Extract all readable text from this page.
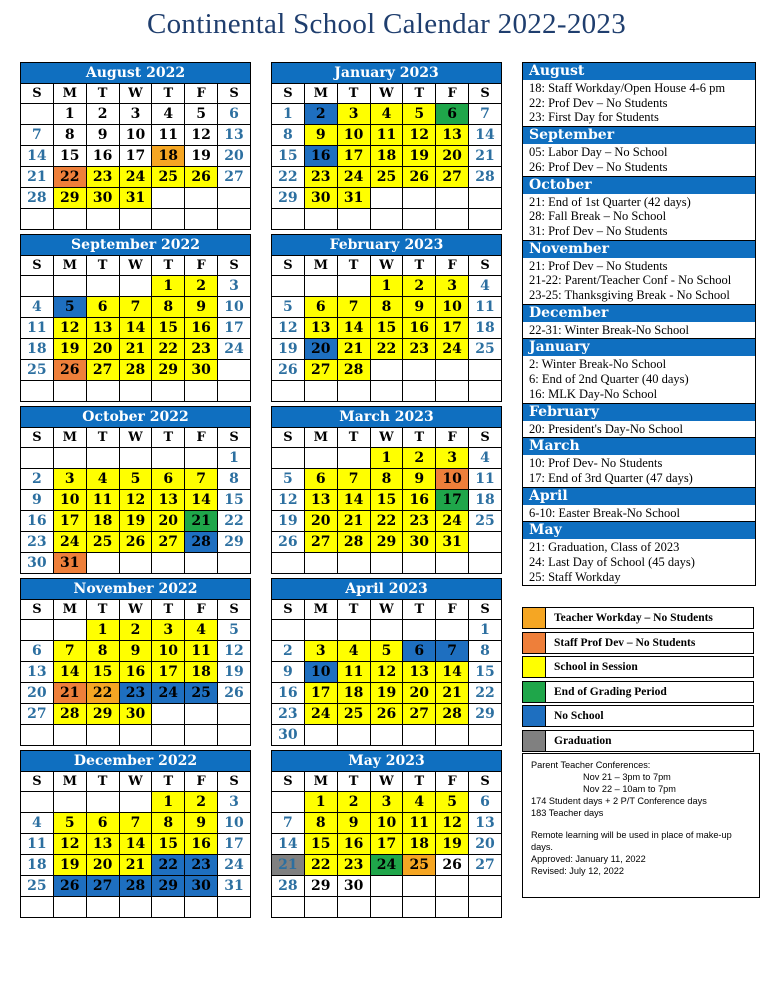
Continental School Calendar 2022-2023
August 2022						
S	M	T	W	T	F	S
	1	2	3	4	5	6
7	8	9	10	11	12	13
14	15	16	17	18	19	20
21	22	23	24	25	26	27
28	29	30	31			

September 2022						
S	M	T	W	T	F	S
				1	2	3
4	5	6	7	8	9	10
11	12	13	14	15	16	17
18	19	20	21	22	23	24
25	26	27	28	29	30	

October 2022						
S	M	T	W	T	F	S
						1
2	3	4	5	6	7	8
9	10	11	12	13	14	15
16	17	18	19	20	21	22
23	24	25	26	27	28	29
30	31					
November 2022						
S	M	T	W	T	F	S
		1	2	3	4	5
6	7	8	9	10	11	12
13	14	15	16	17	18	19
20	21	22	23	24	25	26
27	28	29	30			

December 2022						
S	M	T	W	T	F	S
				1	2	3
4	5	6	7	8	9	10
11	12	13	14	15	16	17
18	19	20	21	22	23	24
25	26	27	28	29	30	31

January 2023						
S	M	T	W	T	F	S
1	2	3	4	5	6	7
8	9	10	11	12	13	14
15	16	17	18	19	20	21
22	23	24	25	26	27	28
29	30	31				

February 2023						
S	M	T	W	T	F	S
			1	2	3	4
5	6	7	8	9	10	11
12	13	14	15	16	17	18
19	20	21	22	23	24	25
26	27	28				

March 2023						
S	M	T	W	T	F	S
			1	2	3	4
5	6	7	8	9	10	11
12	13	14	15	16	17	18
19	20	21	22	23	24	25
26	27	28	29	30	31	

April 2023						
S	M	T	W	T	F	S
						1
2	3	4	5	6	7	8
9	10	11	12	13	14	15
16	17	18	19	20	21	22
23	24	25	26	27	28	29
30						
May 2023						
S	M	T	W	T	F	S
	1	2	3	4	5	6
7	8	9	10	11	12	13
14	15	16	17	18	19	20
21	22	23	24	25	26	27
28	29	30				

August
18: Staff Workday/Open House 4-6 pm
22: Prof Dev – No Students
23: First Day for Students
September
05: Labor Day – No School
26: Prof Dev – No Students
October
21: End of 1st Quarter (42 days)
28: Fall Break – No School
31: Prof Dev – No Students
November
21: Prof Dev – No Students
21-22: Parent/Teacher Conf - No School
23-25: Thanksgiving Break - No School
December
22-31: Winter Break-No School
January
2: Winter Break-No School
6: End of 2nd Quarter (40 days)
16: MLK Day-No School
February
20: President's Day-No School
March
10: Prof Dev- No Students
17: End of 3rd Quarter (47 days)
April
6-10: Easter Break-No School
May
21: Graduation, Class of 2023
24: Last Day of School (45 days)
25: Staff Workday
Teacher Workday – No Students
Staff Prof Dev – No Students
School in Session
End of Grading Period
No School
Graduation
Parent Teacher Conferences:
Nov 21 – 3pm to 7pm
Nov 22 – 10am to 7pm
174 Student days + 2 P/T Conference days
183 Teacher days
Remote learning will be used in place of make-up days.
Approved: January 11, 2022
Revised: July 12, 2022
